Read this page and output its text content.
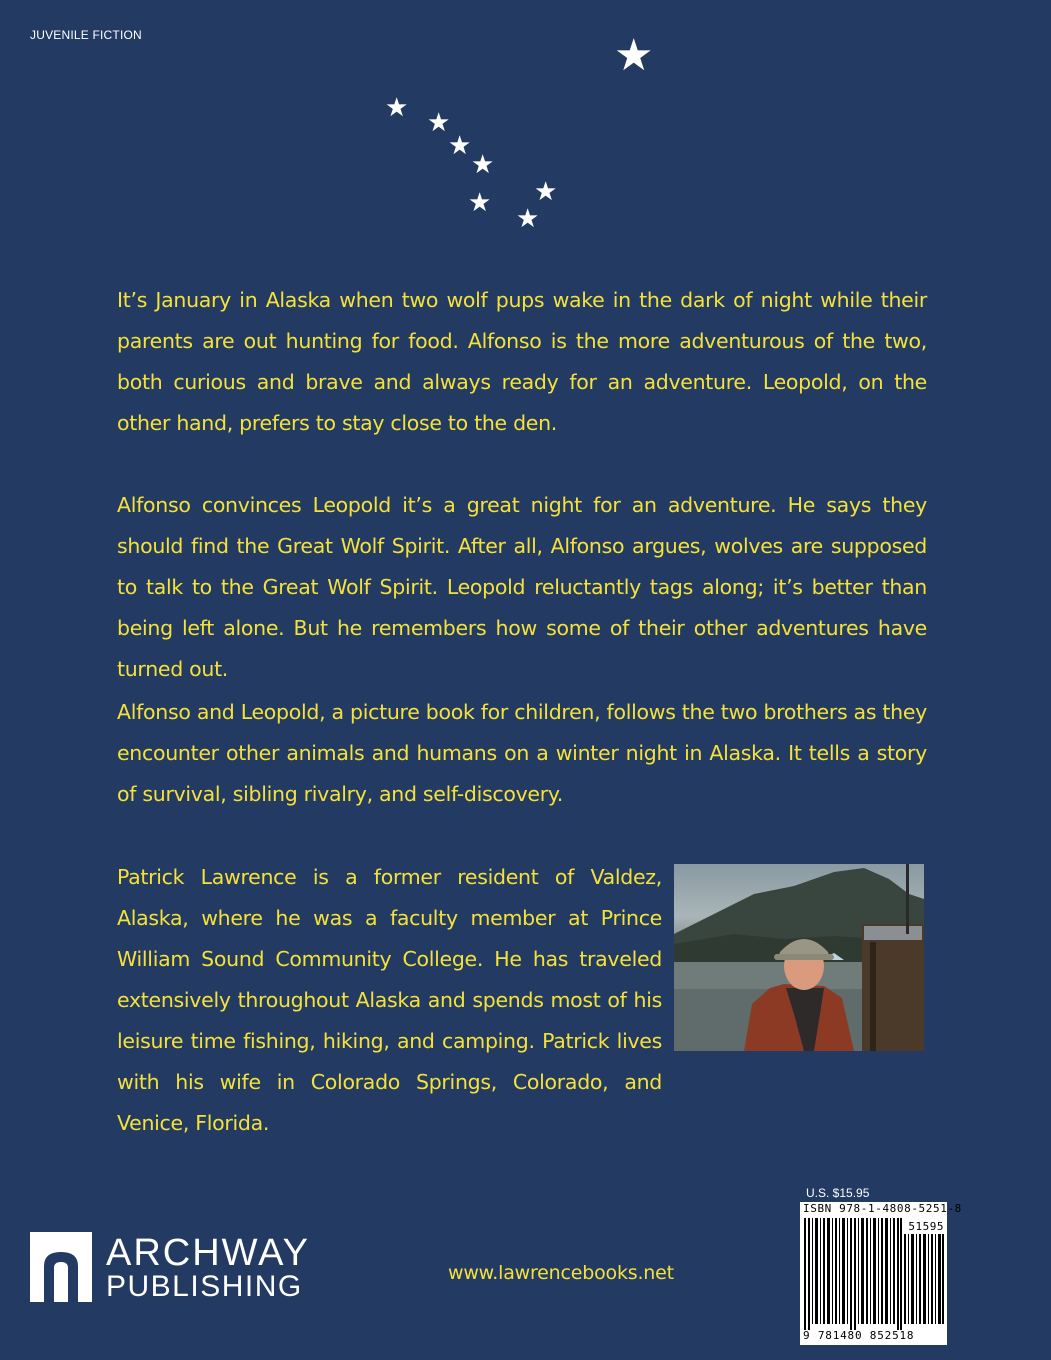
JUVENILE FICTION	★
★ ★
★
★
★
★
★

It’s January in Alaska when two wolf pups wake in the dark of night while their parents are out hunting for food. Alfonso is the more adventurous of the two, both curious and brave and always ready for an adventure. Leopold, on the other hand, prefers to stay close to the den.

Alfonso convinces Leopold it’s a great night for an adventure. He says they should find the Great Wolf Spirit. After all, Alfonso argues, wolves are supposed to talk to the Great Wolf Spirit. Leopold reluctantly tags along; it’s better than being left alone. But he remembers how some of their other adventures have turned out.

Alfonso and Leopold, a picture book for children, follows the two brothers as they encounter other animals and humans on a winter night in Alaska. It tells a story of survival, sibling rivalry, and self-discovery.

Patrick Lawrence is a former resident of Valdez, Alaska, where he was a faculty member at Prince William Sound Community College. He has traveled extensively throughout Alaska and spends most of his leisure time fishing, hiking, and camping. Patrick lives with his wife in Colorado Springs, Colorado, and Venice, Florida.

U.S. $15.95
ISBN 978-1-4808-5251-8
51595
9 781480 852518
ARCHWAY
PUBLISHING	www.lawrencebooks.net
